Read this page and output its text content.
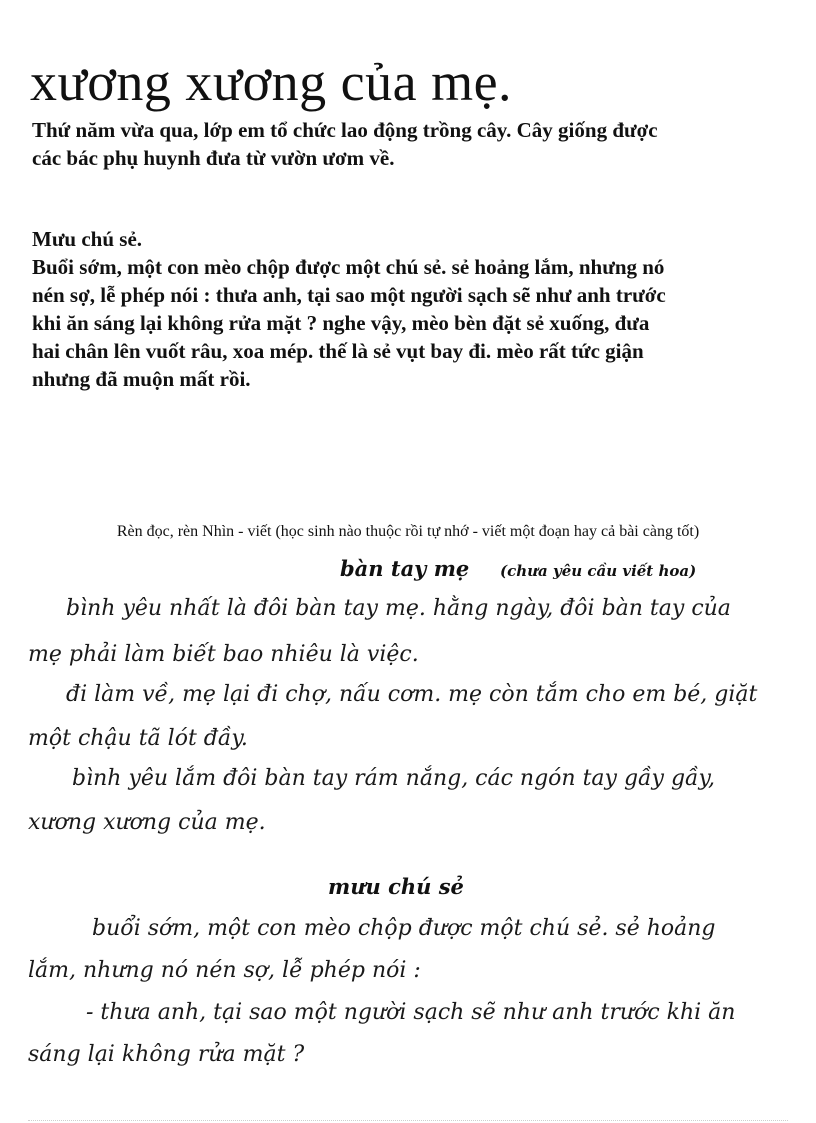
xương xương của mẹ.
Thứ năm vừa qua, lớp em tổ chức lao động trồng cây. Cây giống được
các bác phụ huynh đưa từ vườn ươm về.
Mưu chú sẻ.
Buổi sớm, một con mèo chộp được một chú sẻ. sẻ hoảng lắm, nhưng nó
nén sợ, lễ phép nói : thưa anh, tại sao một người sạch sẽ như anh trước
khi ăn sáng lại không rửa mặt ? nghe vậy, mèo bèn đặt sẻ xuống, đưa
hai chân lên vuốt râu, xoa mép. thế là sẻ vụt bay đi. mèo rất tức giận
nhưng đã muộn mất rồi.
Rèn đọc, rèn Nhìn - viết (học sinh nào thuộc rồi tự nhớ - viết một đoạn hay cả bài càng tốt)
bàn tay mẹ (chưa yêu cầu viết hoa)
bình yêu nhất là đôi bàn tay mẹ. hằng ngày, đôi bàn tay của
mẹ phải làm biết bao nhiêu là việc.
đi làm về, mẹ lại đi chợ, nấu cơm. mẹ còn tắm cho em bé, giặt
một chậu tã lót đầy.
bình yêu lắm đôi bàn tay rám nắng, các ngón tay gầy gầy,
xương xương của mẹ.
mưu chú sẻ
buổi sớm, một con mèo chộp được một chú sẻ. sẻ hoảng
lắm, nhưng nó nén sợ, lễ phép nói :
- thưa anh, tại sao một người sạch sẽ như anh trước khi ăn
sáng lại không rửa mặt ?
